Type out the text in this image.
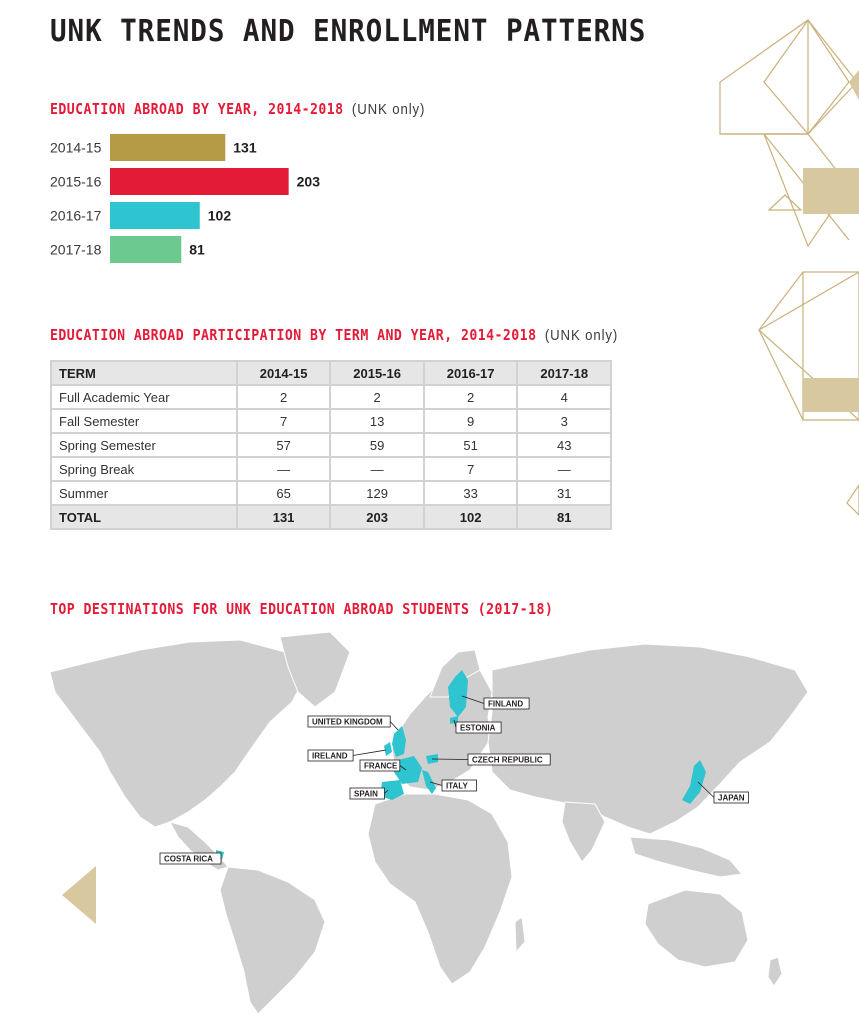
UNK TRENDS AND ENROLLMENT PATTERNS
EDUCATION ABROAD BY YEAR, 2014-2018 (UNK only)
2014-15	131
2015-16	203
2016-17	102
2017-18	81
EDUCATION ABROAD PARTICIPATION BY TERM AND YEAR, 2014-2018 (UNK only)
TERM	2014-15	2015-16	2016-17	2017-18
Full Academic Year	2	2	2	4
Fall Semester	7	13	9	3
Spring Semester	57	59	51	43
Spring Break	—	—	7	—
Summer	65	129	33	31
TOTAL	131	203	102	81
TOP DESTINATIONS FOR UNK EDUCATION ABROAD STUDENTS (2017-18)
FINLAND
UNITED KINGDOM
ESTONIA
IRELAND	CZECH REPUBLIC
FRANCE
ITALY
SPAIN	JAPAN
COSTA RICA
